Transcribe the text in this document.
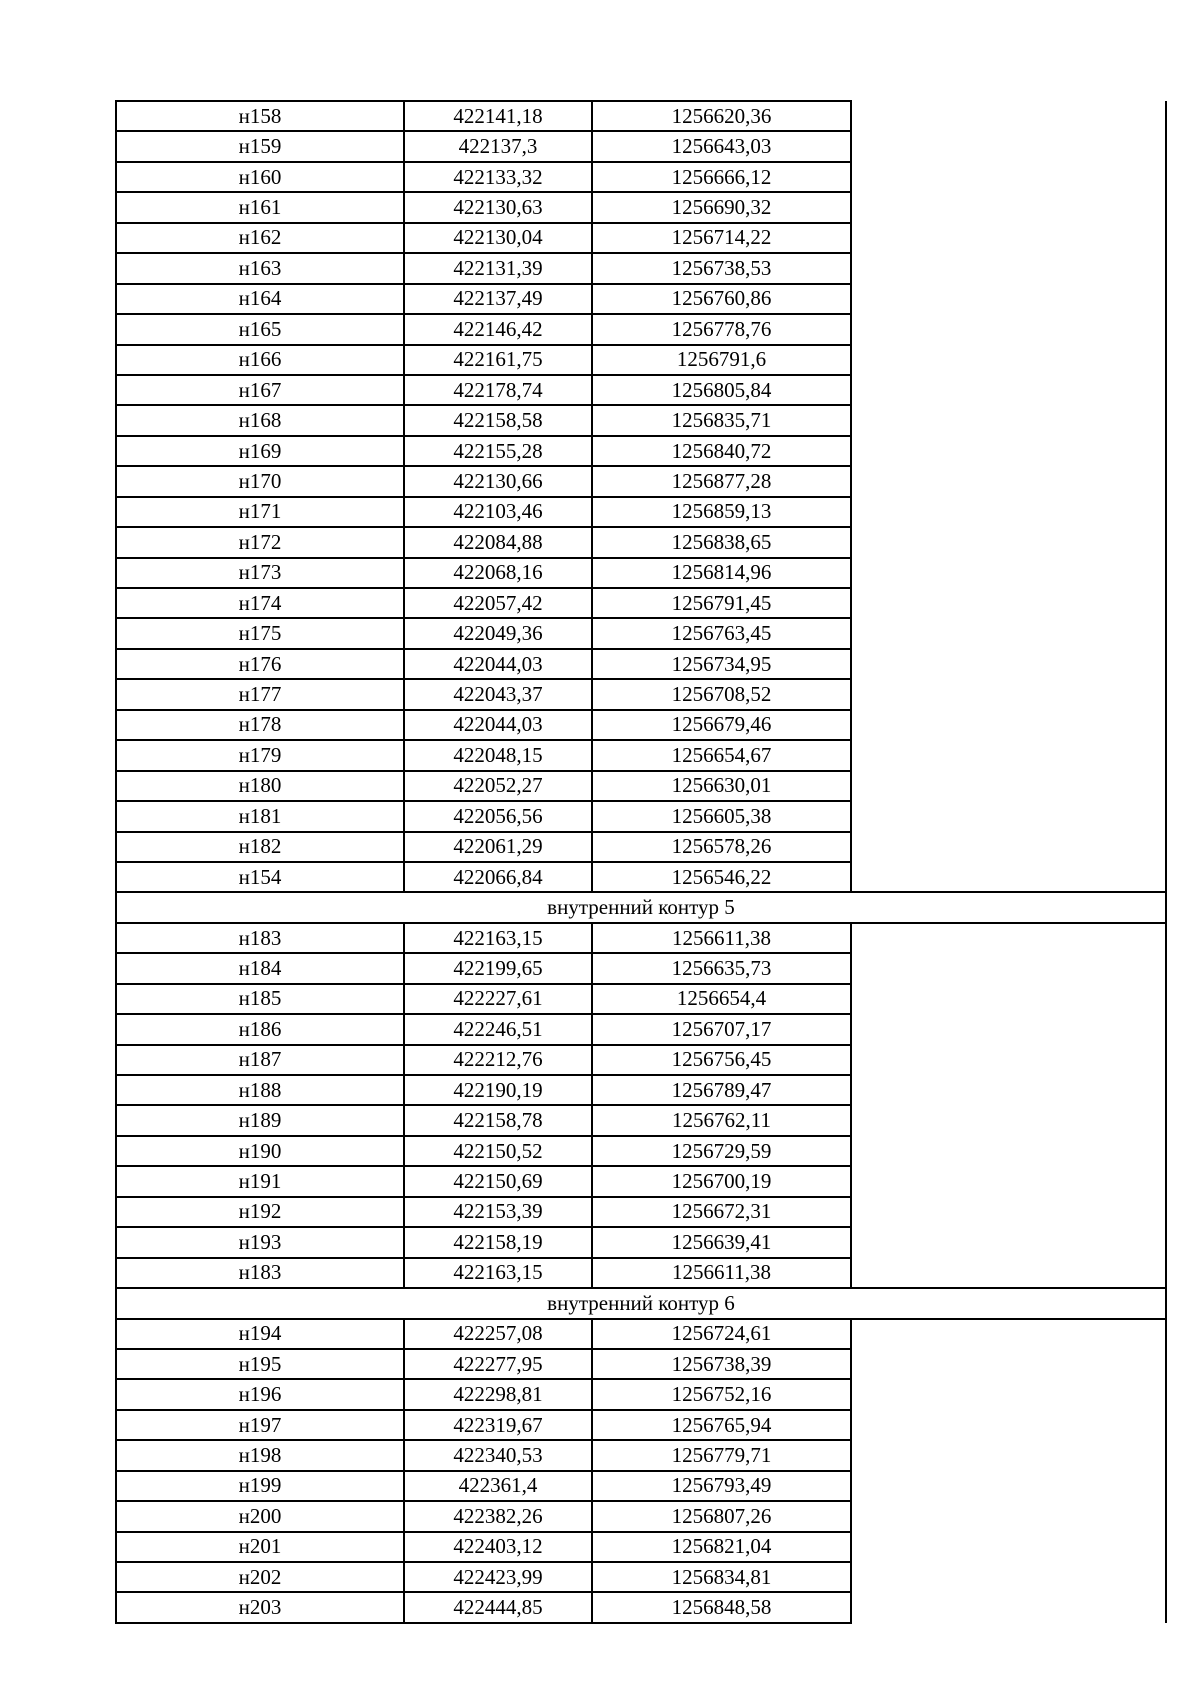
н158	422141,18	1256620,36	
н159	422137,3	1256643,03	
н160	422133,32	1256666,12	
н161	422130,63	1256690,32	
н162	422130,04	1256714,22	
н163	422131,39	1256738,53	
н164	422137,49	1256760,86	
н165	422146,42	1256778,76	
н166	422161,75	1256791,6	
н167	422178,74	1256805,84	
н168	422158,58	1256835,71	
н169	422155,28	1256840,72	
н170	422130,66	1256877,28	
н171	422103,46	1256859,13	
н172	422084,88	1256838,65	
н173	422068,16	1256814,96	
н174	422057,42	1256791,45	
н175	422049,36	1256763,45	
н176	422044,03	1256734,95	
н177	422043,37	1256708,52	
н178	422044,03	1256679,46	
н179	422048,15	1256654,67	
н180	422052,27	1256630,01	
н181	422056,56	1256605,38	
н182	422061,29	1256578,26	
н154	422066,84	1256546,22	
внутренний контур 5			
н183	422163,15	1256611,38	
н184	422199,65	1256635,73	
н185	422227,61	1256654,4	
н186	422246,51	1256707,17	
н187	422212,76	1256756,45	
н188	422190,19	1256789,47	
н189	422158,78	1256762,11	
н190	422150,52	1256729,59	
н191	422150,69	1256700,19	
н192	422153,39	1256672,31	
н193	422158,19	1256639,41	
н183	422163,15	1256611,38	
внутренний контур 6			
н194	422257,08	1256724,61	
н195	422277,95	1256738,39	
н196	422298,81	1256752,16	
н197	422319,67	1256765,94	
н198	422340,53	1256779,71	
н199	422361,4	1256793,49	
н200	422382,26	1256807,26	
н201	422403,12	1256821,04	
н202	422423,99	1256834,81	
н203	422444,85	1256848,58	
